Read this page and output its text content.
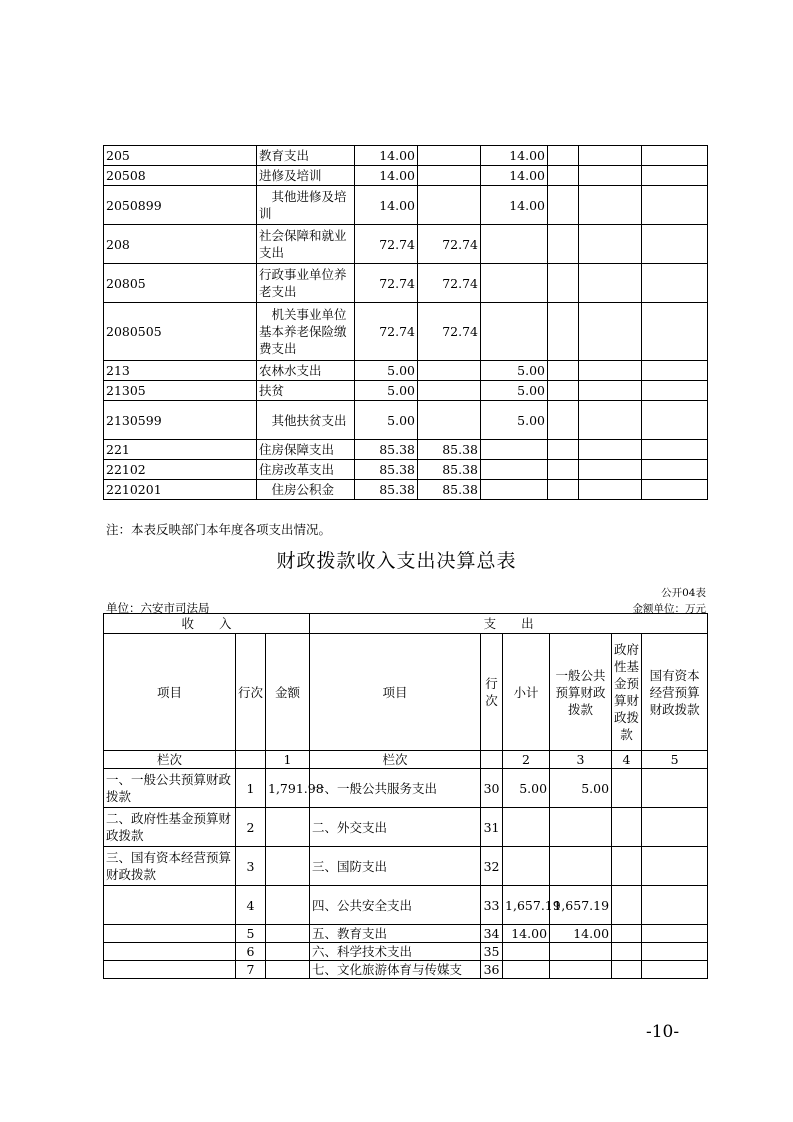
205	教育支出	14.00		14.00			
20508	进修及培训	14.00		14.00			
2050899	其他进修及培训	14.00		14.00			
208	社会保障和就业支出	72.74	72.74				
20805	行政事业单位养老支出	72.74	72.74				
2080505	机关事业单位基本养老保险缴费支出	72.74	72.74				
213	农林水支出	5.00		5.00			
21305	扶贫	5.00		5.00			
2130599	其他扶贫支出	5.00		5.00			
221	住房保障支出	85.38	85.38				
22102	住房改革支出	85.38	85.38				
2210201	住房公积金	85.38	85.38				
注：本表反映部门本年度各项支出情况。
财政拨款收入支出决算总表
公开04表
单位：六安市司法局	金额单位：万元
收　　入			支　　出					
项目	行次	金额	项目	行次	小计	一般公共预算财政拨款	政府性基金预算财政拨款	国有资本经营预算财政拨款
栏次		1	栏次		2	3	4	5
一、一般公共预算财政拨款	1	1,791.98	一、一般公共服务支出	30	5.00	5.00		
二、政府性基金预算财政拨款	2		二、外交支出	31				
三、国有资本经营预算财政拨款	3		三、国防支出	32				
	4		四、公共安全支出	33	1,657.19	1,657.19		
	5		五、教育支出	34	14.00	14.00		
	6		六、科学技术支出	35				
	7		七、文化旅游体育与传媒支	36				
-10-
